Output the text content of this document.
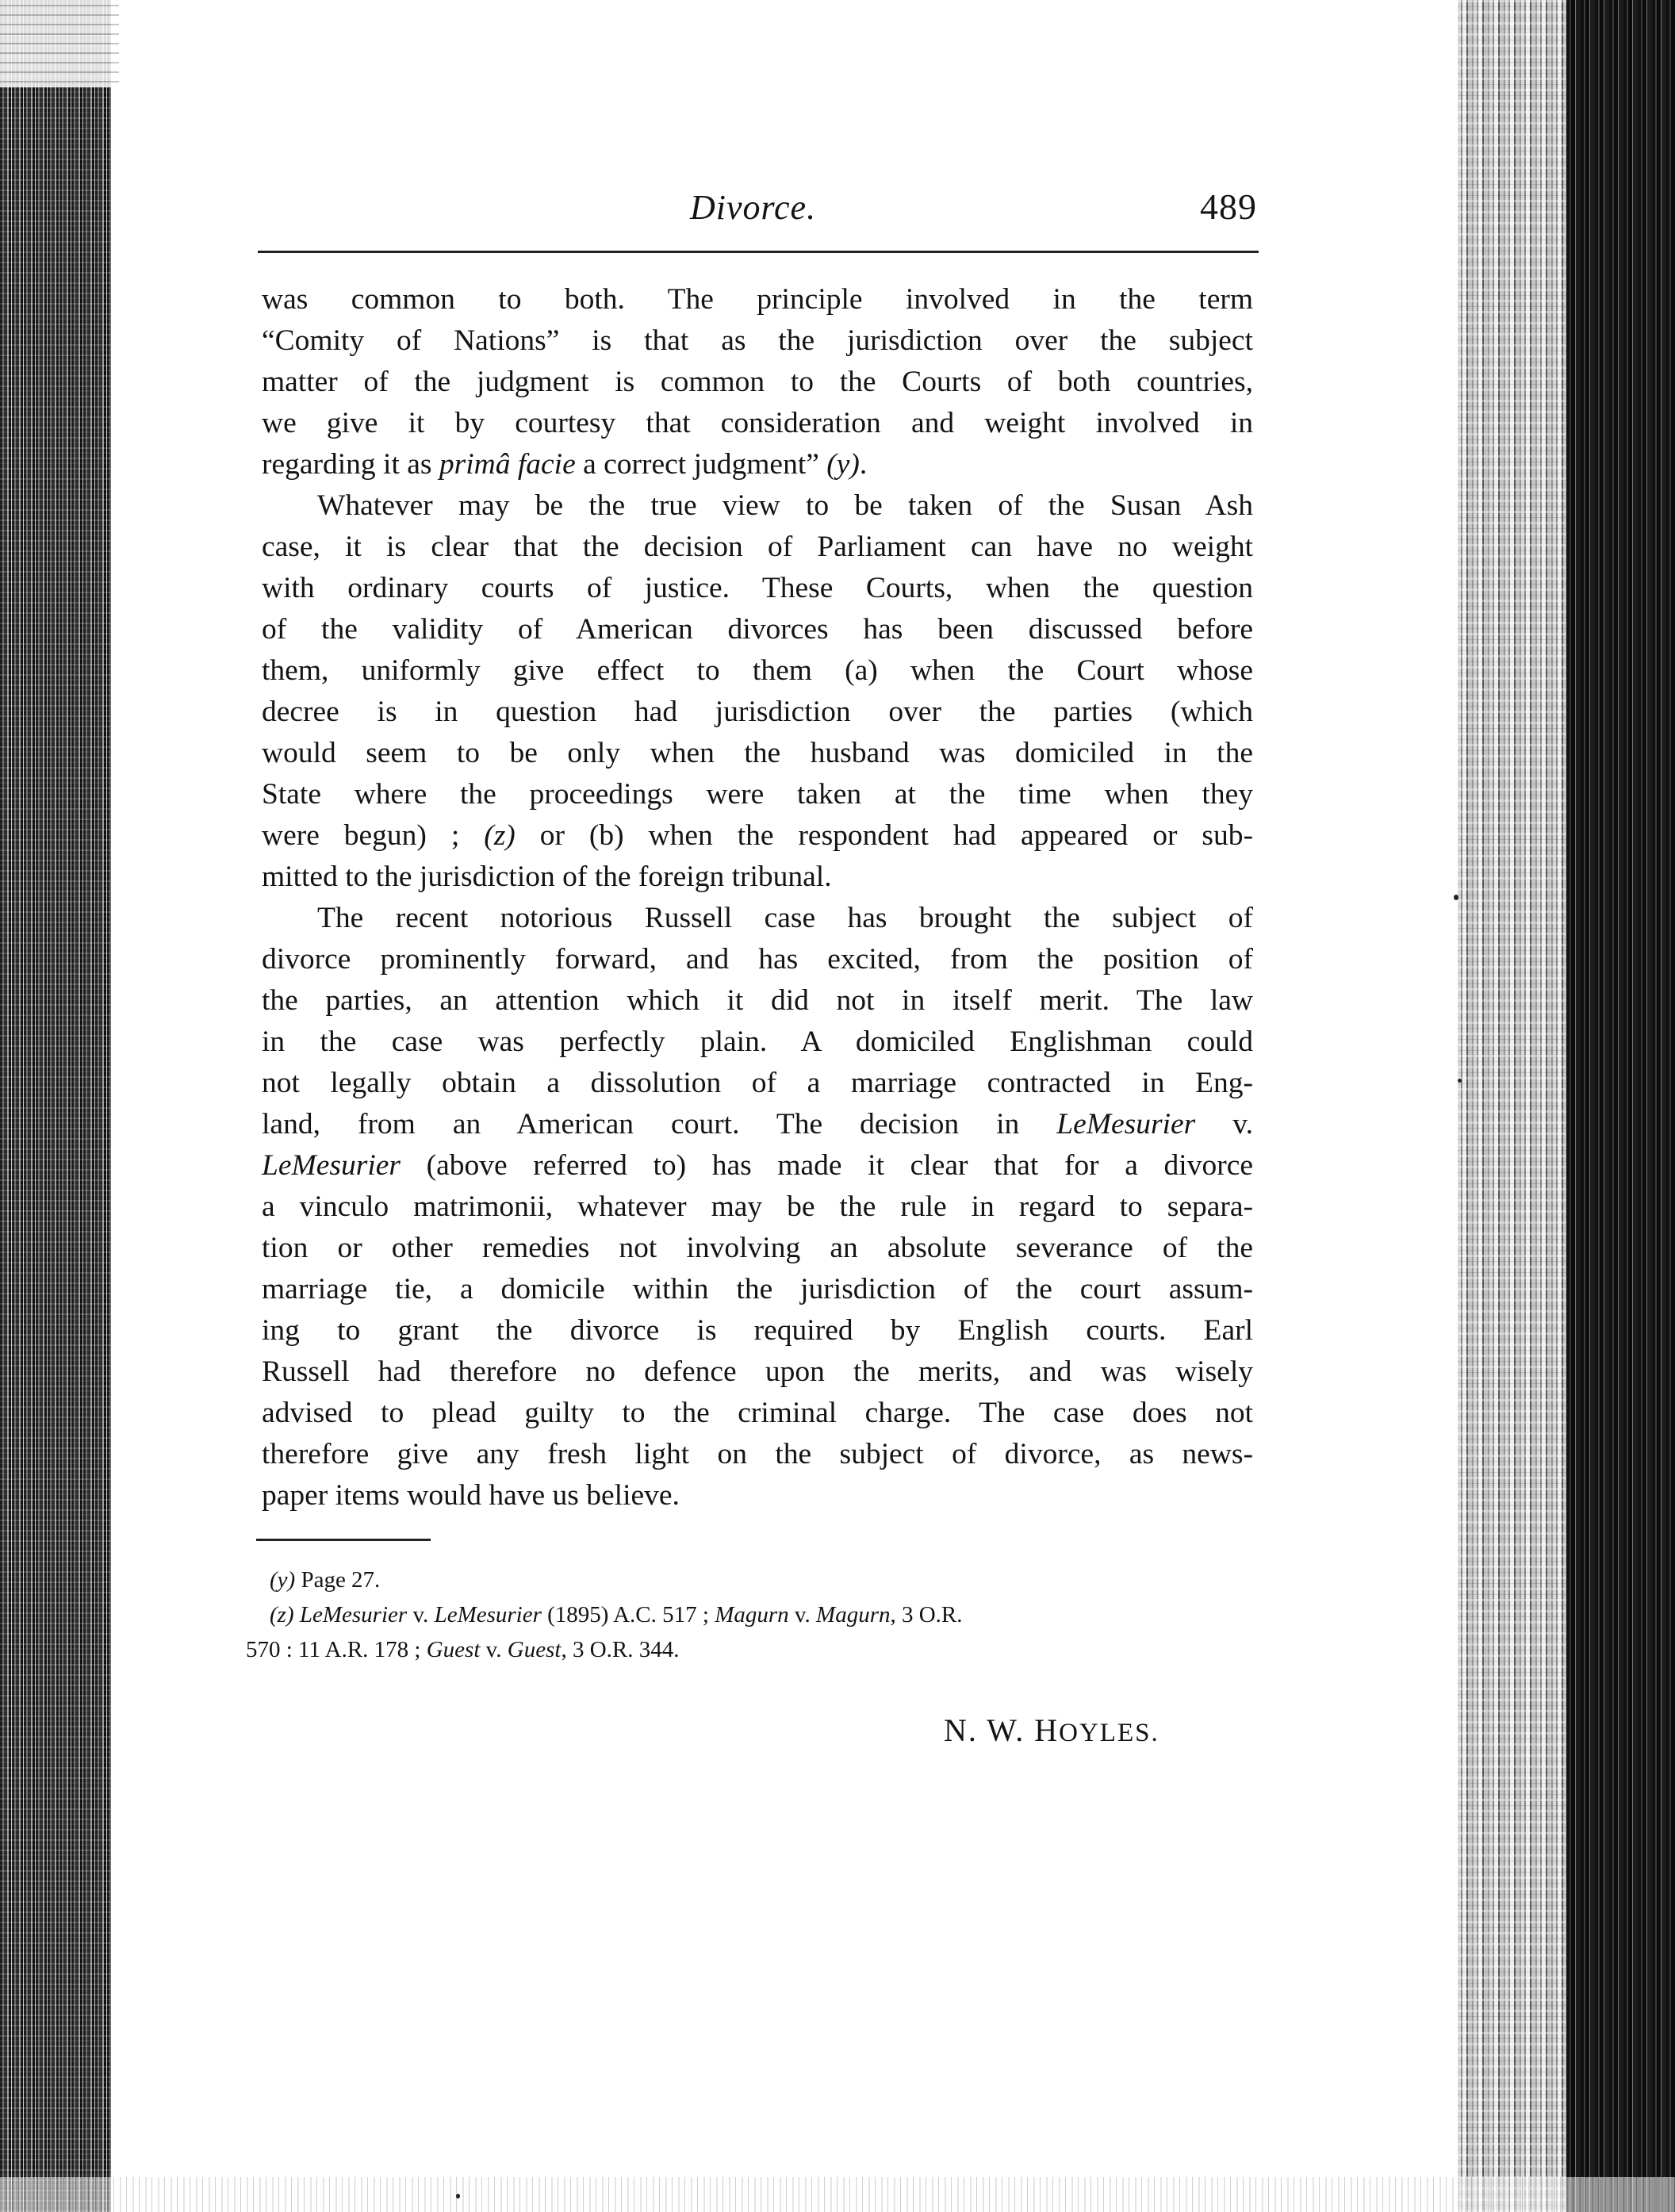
Divorce.	489
was common to both. The principle involved in the term
“Comity of Nations” is that as the jurisdiction over the subject
matter of the judgment is common to the Courts of both countries,
we give it by courtesy that consideration and weight involved in
regarding it as primâ facie a correct judgment” (y).
Whatever may be the true view to be taken of the Susan Ash
case, it is clear that the decision of Parliament can have no weight
with ordinary courts of justice. These Courts, when the question
of the validity of American divorces has been discussed before
them, uniformly give effect to them (a) when the Court whose
decree is in question had jurisdiction over the parties (which
would seem to be only when the husband was domiciled in the
State where the proceedings were taken at the time when they
were begun) ; (z) or (b) when the respondent had appeared or sub-
mitted to the jurisdiction of the foreign tribunal.
The recent notorious Russell case has brought the subject of
divorce prominently forward, and has excited, from the position of
the parties, an attention which it did not in itself merit. The law
in the case was perfectly plain. A domiciled Englishman could
not legally obtain a dissolution of a marriage contracted in Eng-
land, from an American court. The decision in LeMesurier v.
LeMesurier (above referred to) has made it clear that for a divorce
a vinculo matrimonii, whatever may be the rule in regard to separa-
tion or other remedies not involving an absolute severance of the
marriage tie, a domicile within the jurisdiction of the court assum-
ing to grant the divorce is required by English courts. Earl
Russell had therefore no defence upon the merits, and was wisely
advised to plead guilty to the criminal charge. The case does not
therefore give any fresh light on the subject of divorce, as news-
paper items would have us believe.
(y) Page 27.
(z) LeMesurier v. LeMesurier (1895) A.C. 517 ; Magurn v. Magurn, 3 O.R.
570 : 11 A.R. 178 ; Guest v. Guest, 3 O.R. 344.
N. W. HOYLES.
